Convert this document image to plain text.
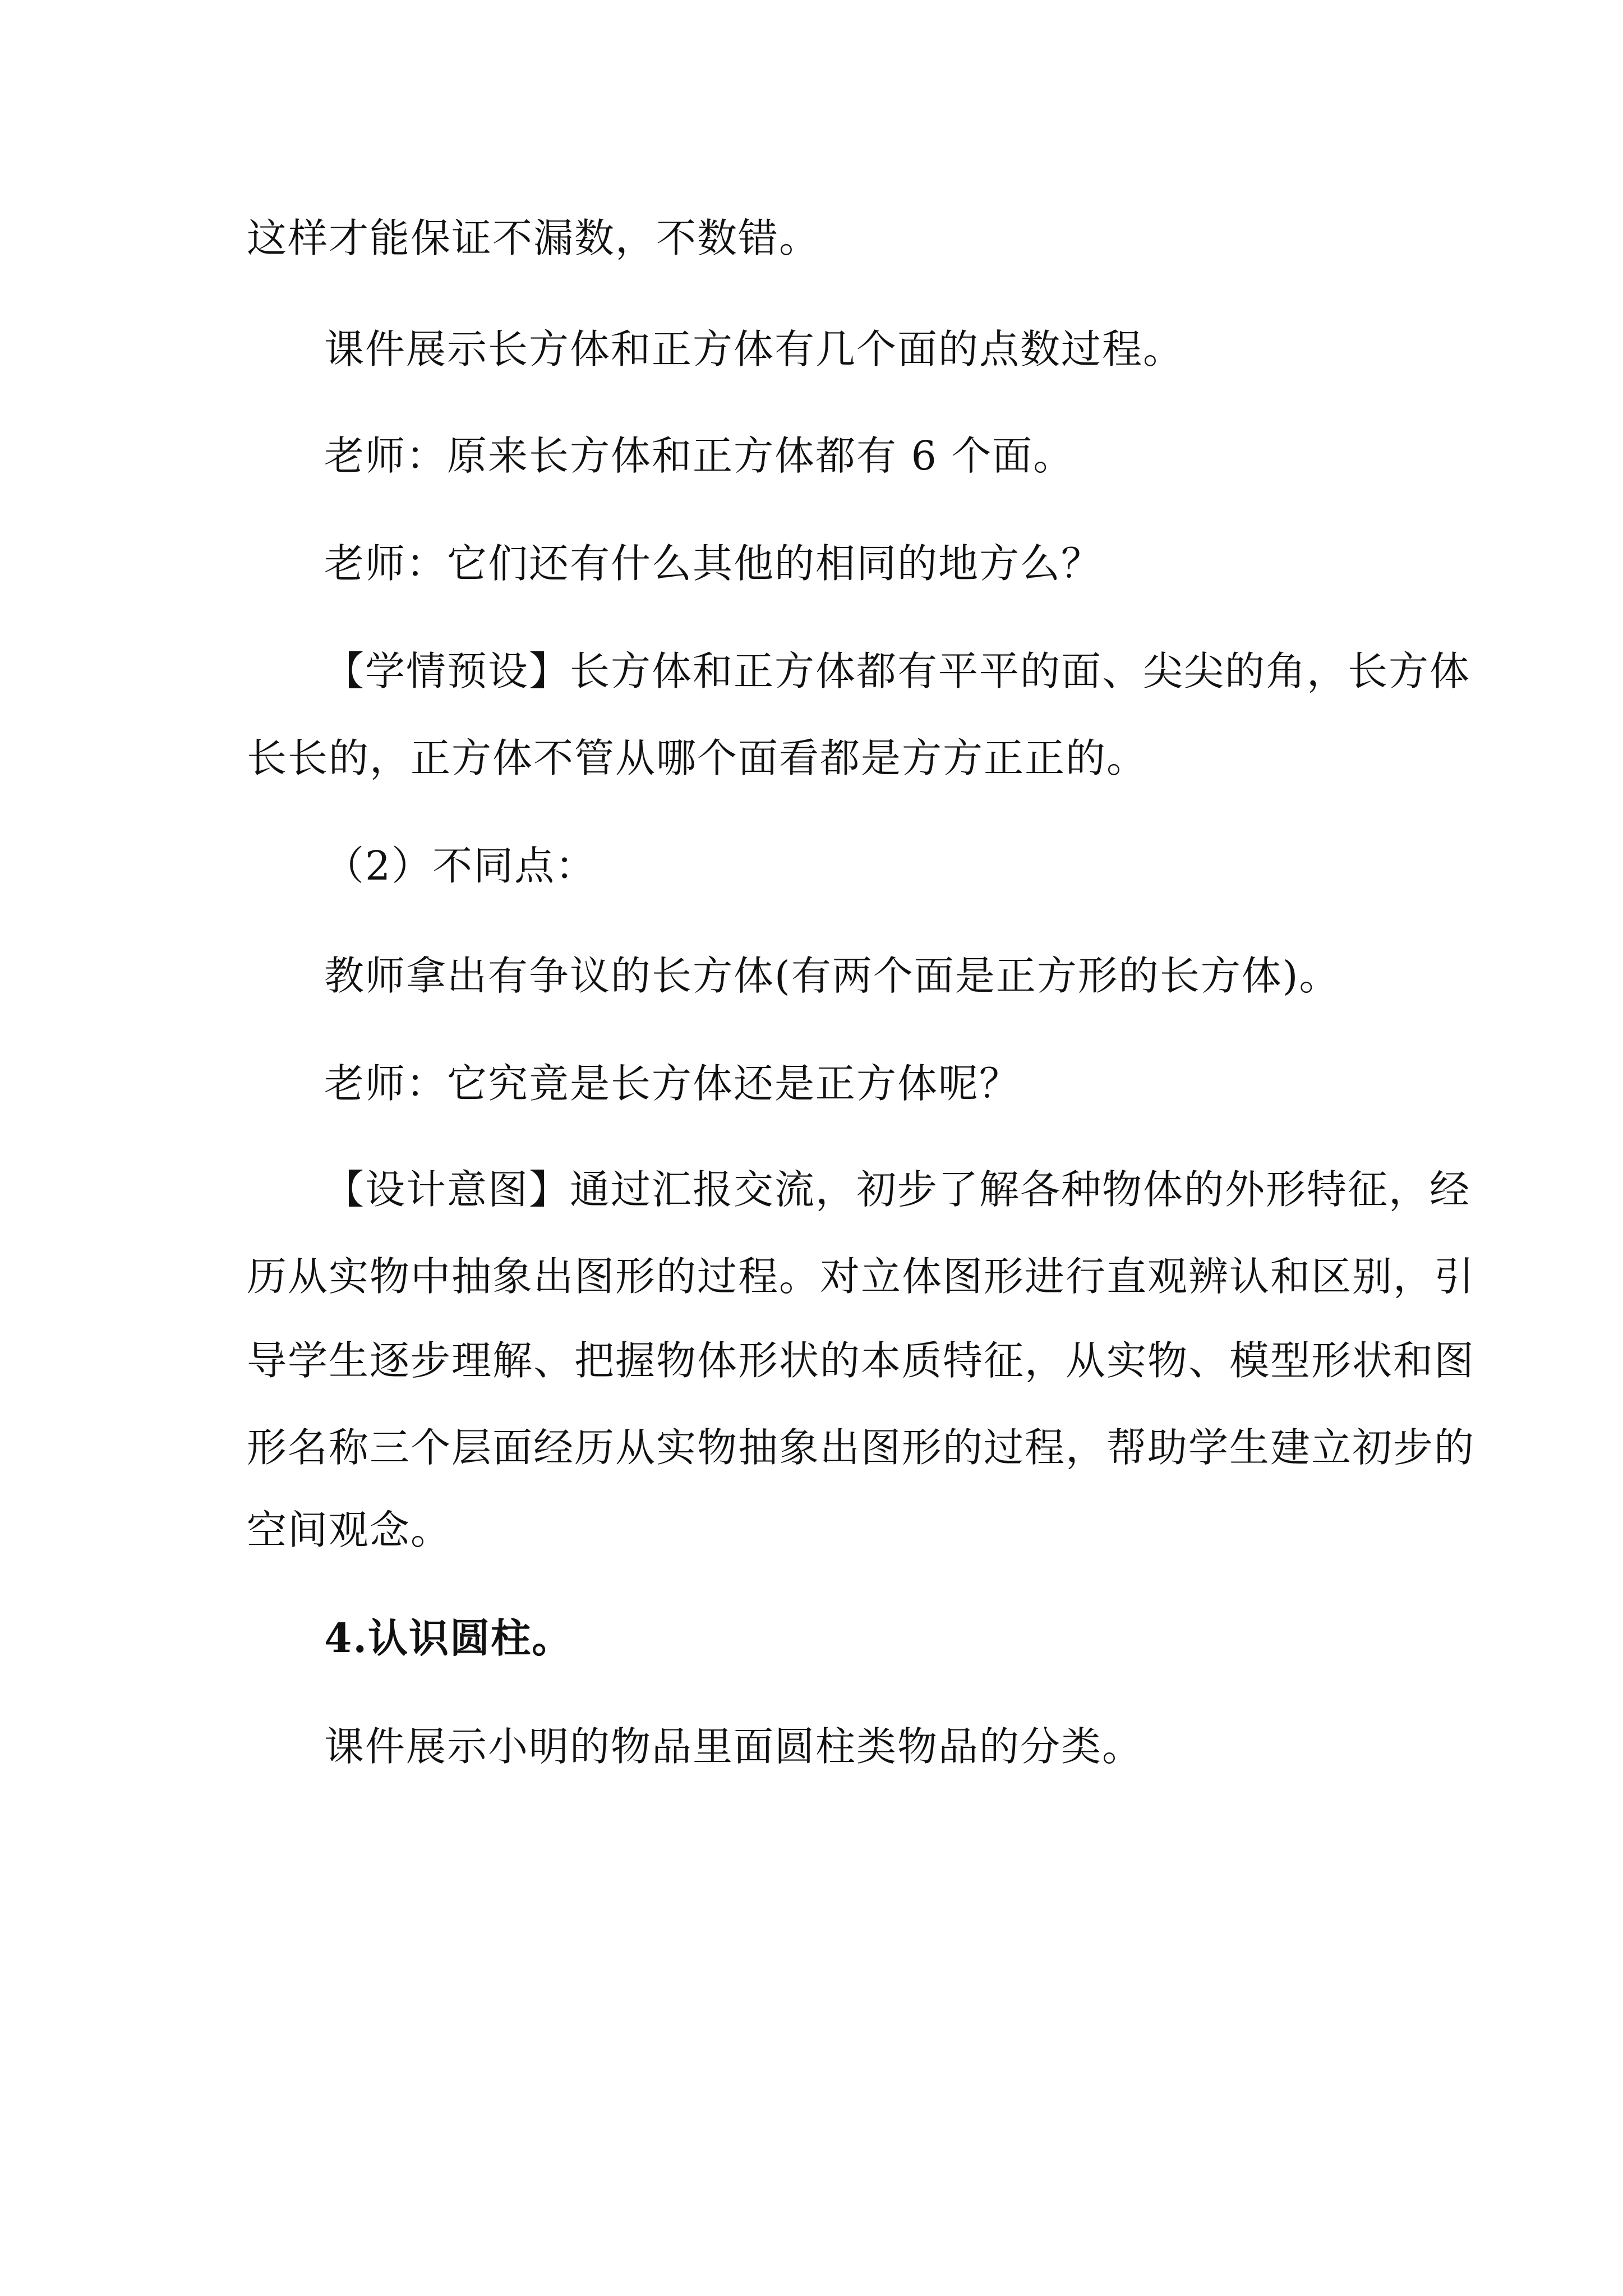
这样才能保证不漏数，不数错。
课件展示长方体和正方体有几个面的点数过程。
老师：原来长方体和正方体都有 6 个面。
老师：它们还有什么其他的相同的地方么？
【学情预设】长方体和正方体都有平平的面、尖尖的角，长方体
长长的，正方体不管从哪个面看都是方方正正的。
（2）不同点：
教师拿出有争议的长方体(有两个面是正方形的长方体)。
老师：它究竟是长方体还是正方体呢？
【设计意图】通过汇报交流，初步了解各种物体的外形特征，经
历从实物中抽象出图形的过程。对立体图形进行直观辨认和区别，引
导学生逐步理解、把握物体形状的本质特征，从实物、模型形状和图
形名称三个层面经历从实物抽象出图形的过程，帮助学生建立初步的
空间观念。
4.认识圆柱。
课件展示小明的物品里面圆柱类物品的分类。
